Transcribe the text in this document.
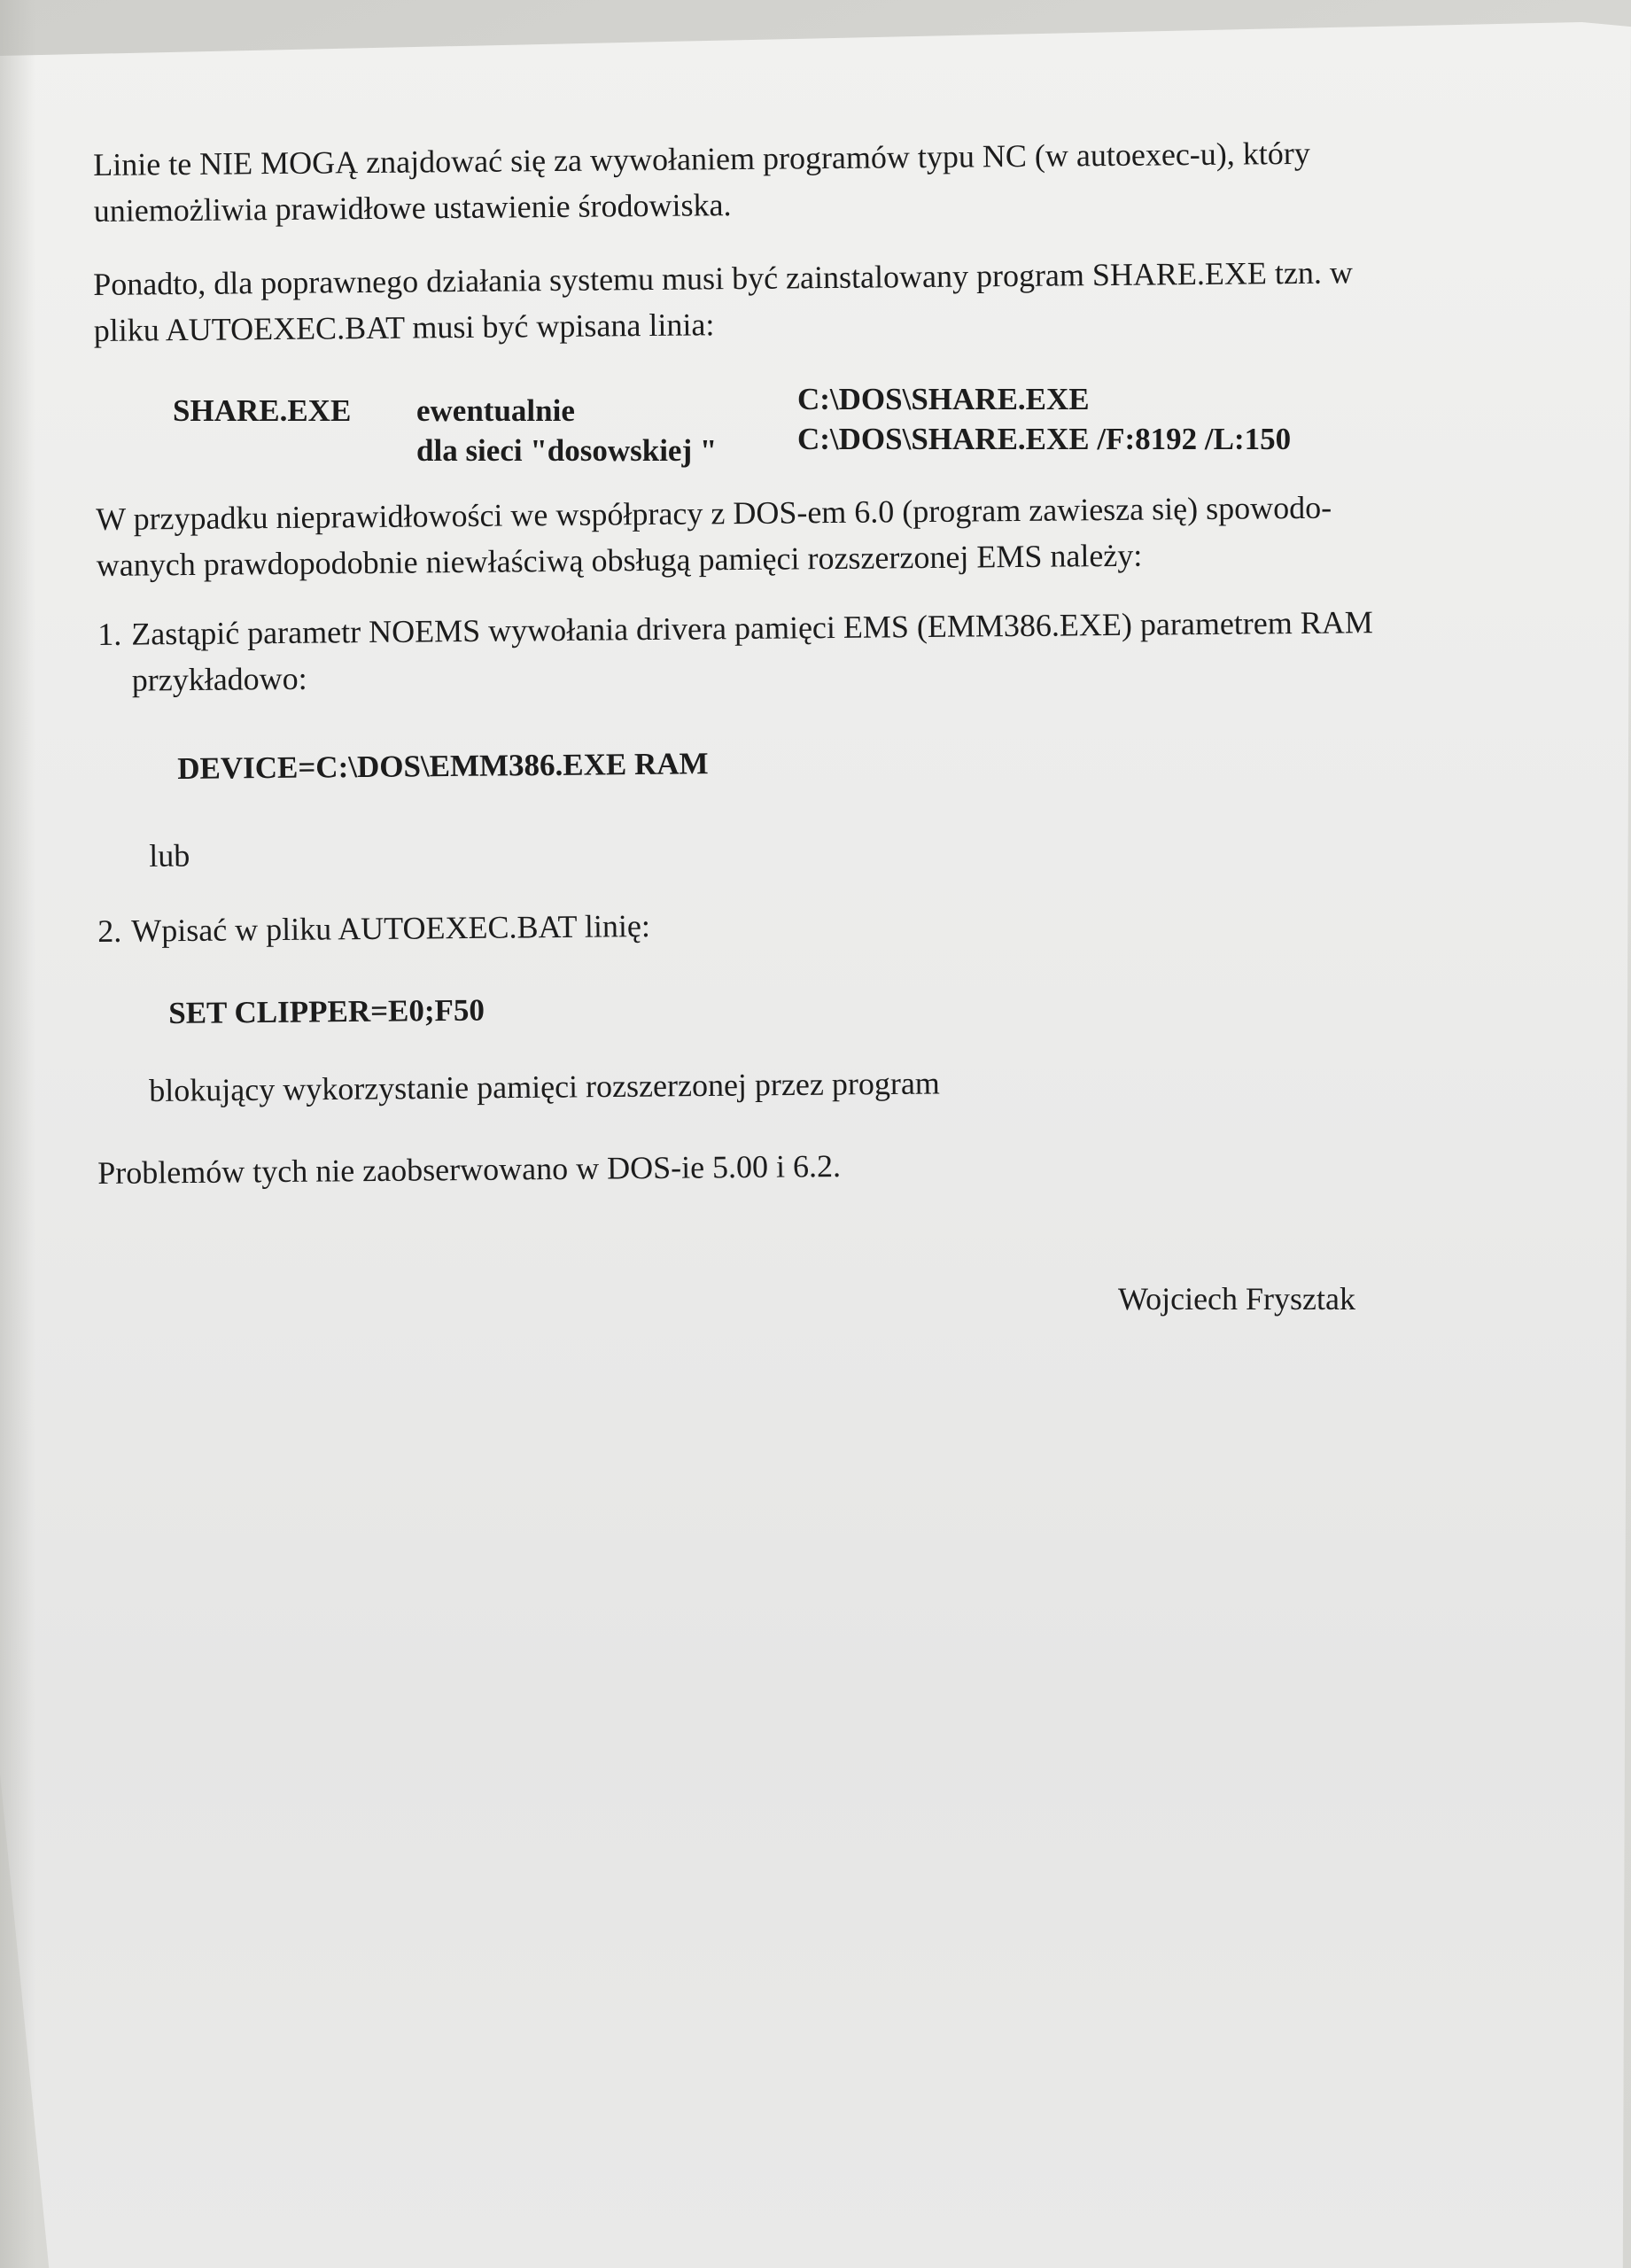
Linie te NIE MOGĄ znajdować się za wywołaniem programów typu NC (w autoexec-u), który
uniemożliwia prawidłowe ustawienie środowiska.
Ponadto, dla poprawnego działania systemu musi być zainstalowany program SHARE.EXE tzn. w
pliku AUTOEXEC.BAT musi być wpisana linia:
SHARE.EXE ewentualnie
dla sieci "dosowskiej "
C:\DOS\SHARE.EXE
C:\DOS\SHARE.EXE /F:8192 /L:150
W przypadku nieprawidłowości we współpracy z DOS-em 6.0 (program zawiesza się) spowodo-
wanych prawdopodobnie niewłaściwą obsługą pamięci rozszerzonej EMS należy:
1. Zastąpić parametr NOEMS wywołania drivera pamięci EMS (EMM386.EXE) parametrem RAM
przykładowo:
DEVICE=C:\DOS\EMM386.EXE RAM
lub
2. Wpisać w pliku AUTOEXEC.BAT linię:
SET CLIPPER=E0;F50
blokujący wykorzystanie pamięci rozszerzonej przez program
Problemów tych nie zaobserwowano w DOS-ie 5.00 i 6.2.
Wojciech Frysztak
